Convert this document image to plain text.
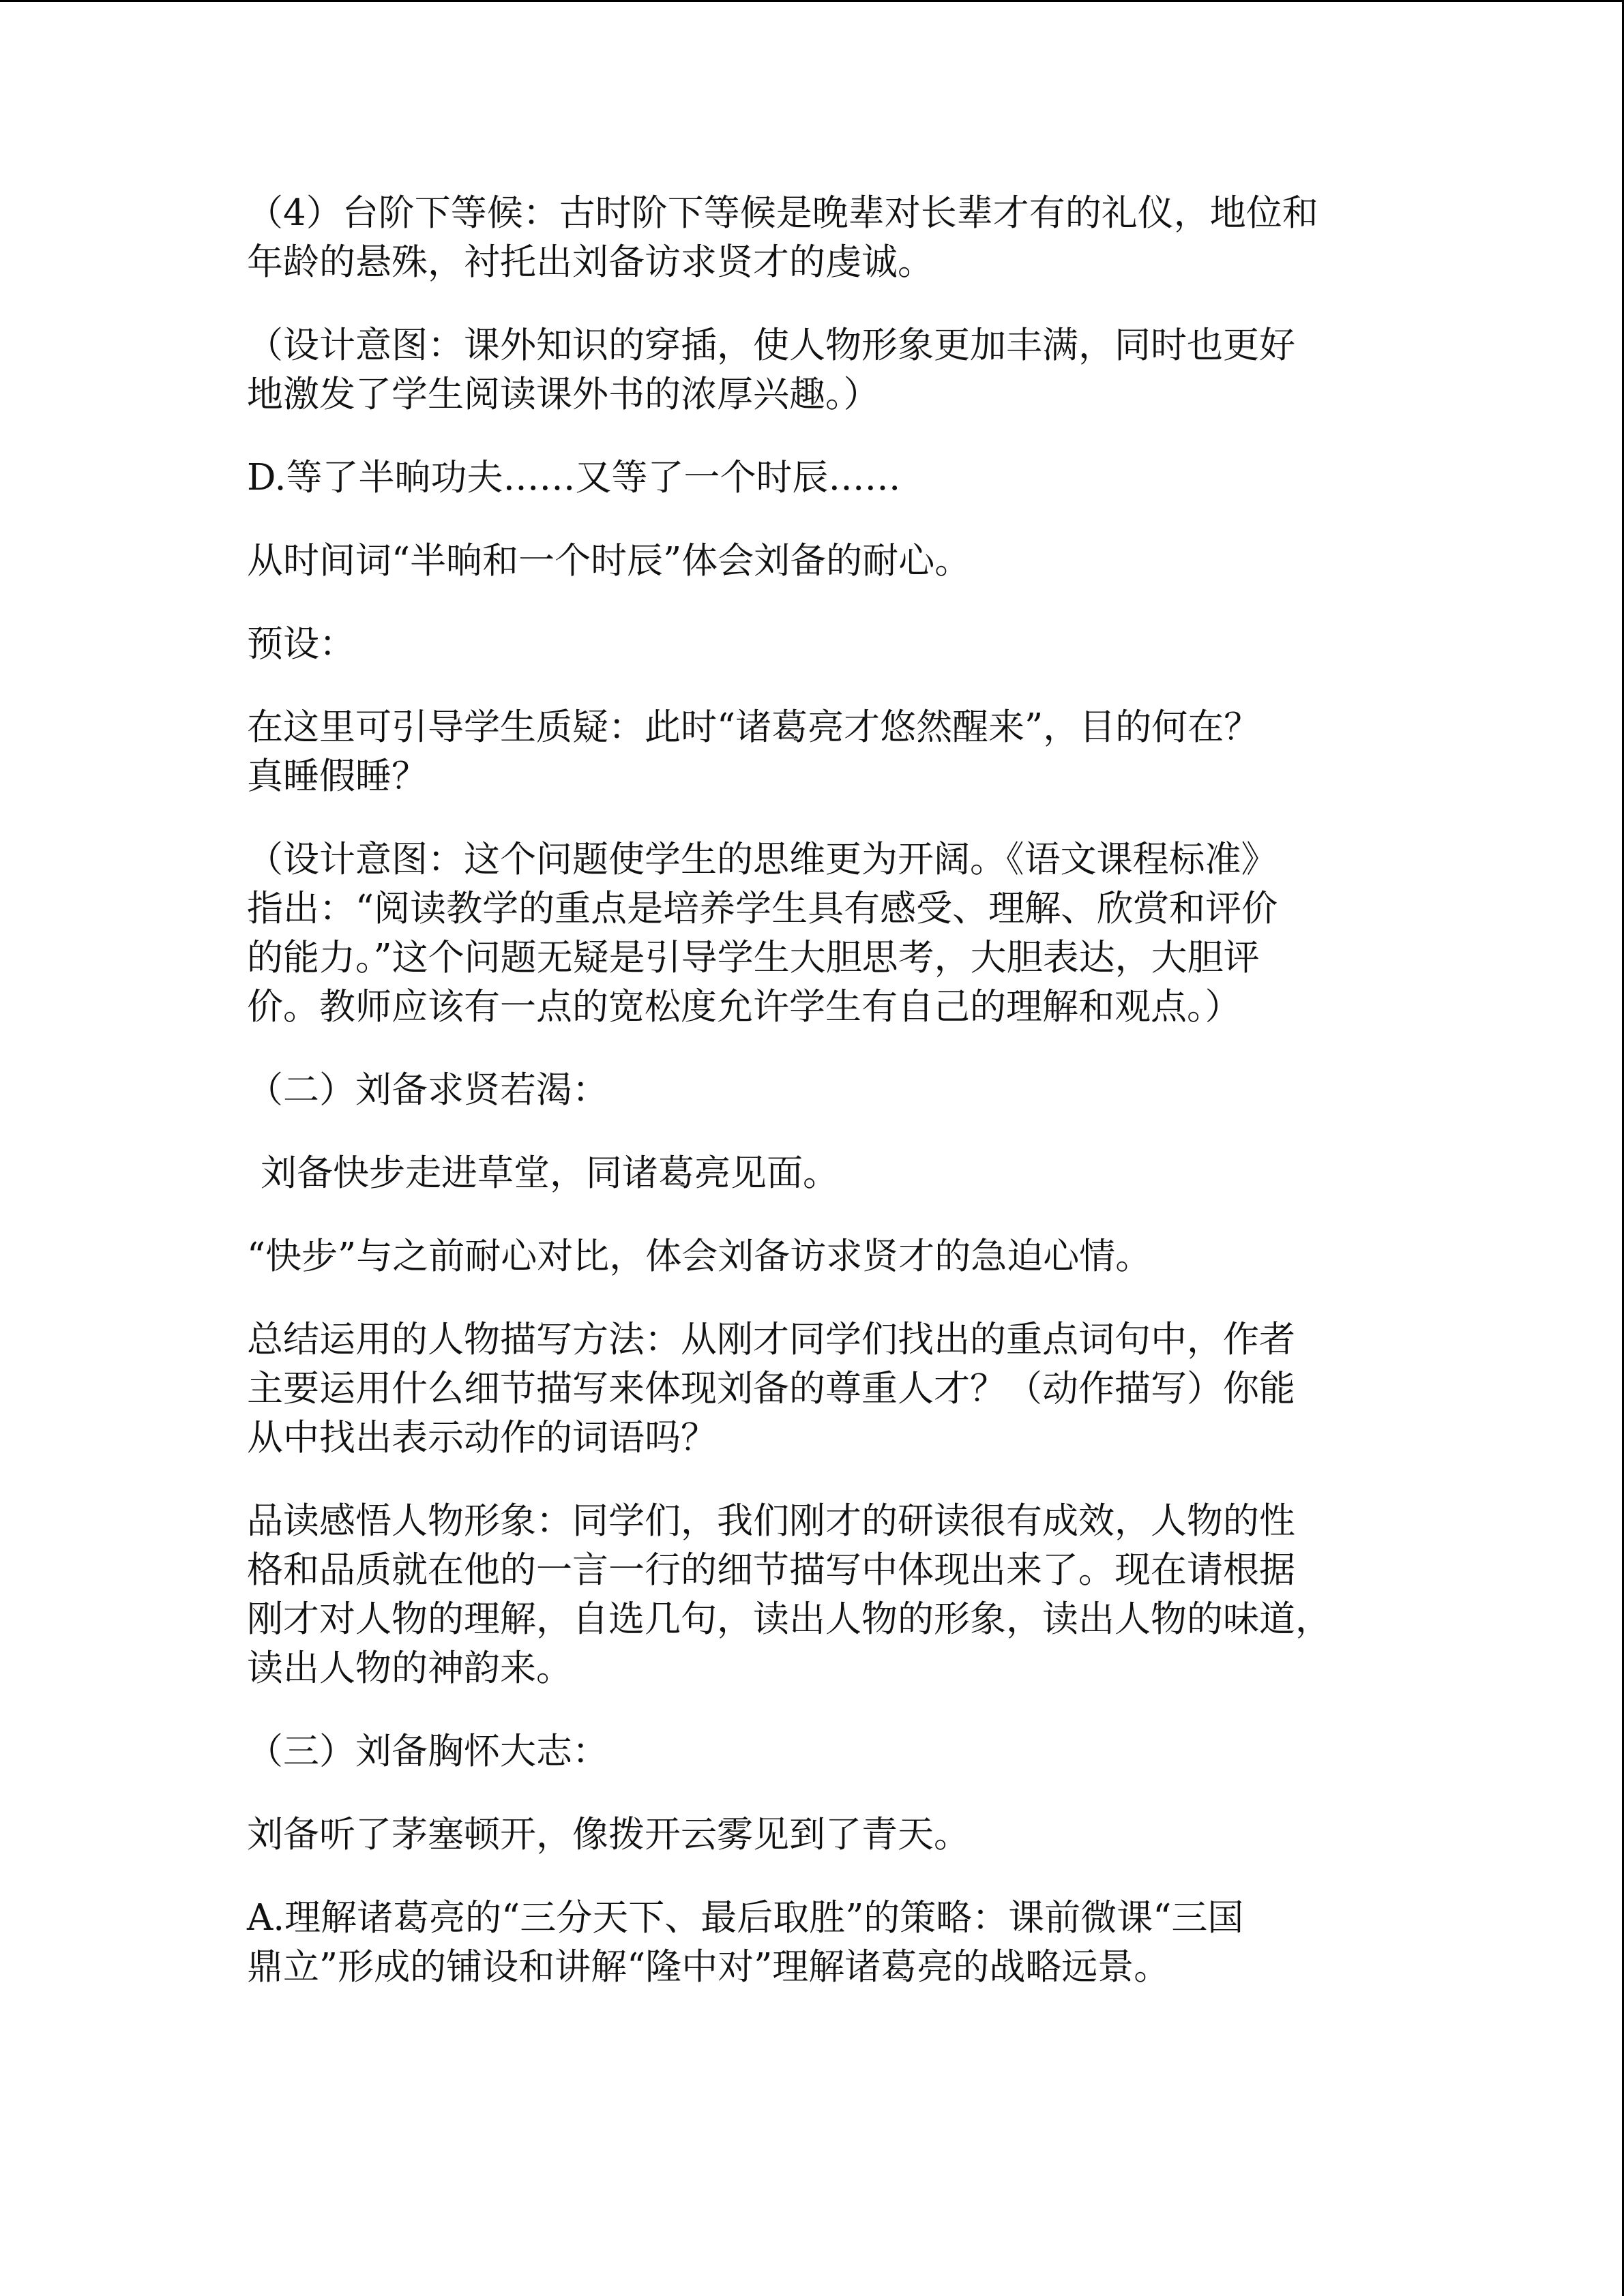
（4）台阶下等候：古时阶下等候是晚辈对长辈才有的礼仪，地位和
年龄的悬殊，衬托出刘备访求贤才的虔诚。

（设计意图：课外知识的穿插，使人物形象更加丰满，同时也更好
地激发了学生阅读课外书的浓厚兴趣。）

D.等了半晌功夫……又等了一个时辰……

从时间词“半晌和一个时辰”体会刘备的耐心。

预设：

在这里可引导学生质疑：此时“诸葛亮才悠然醒来”，目的何在？
真睡假睡？

（设计意图：这个问题使学生的思维更为开阔。《语文课程标准》
指出：“阅读教学的重点是培养学生具有感受、理解、欣赏和评价
的能力。”这个问题无疑是引导学生大胆思考，大胆表达，大胆评
价。教师应该有一点的宽松度允许学生有自己的理解和观点。）

（二）刘备求贤若渴：

刘备快步走进草堂，同诸葛亮见面。

“快步”与之前耐心对比，体会刘备访求贤才的急迫心情。

总结运用的人物描写方法：从刚才同学们找出的重点词句中，作者
主要运用什么细节描写来体现刘备的尊重人才？（动作描写）你能
从中找出表示动作的词语吗？

品读感悟人物形象：同学们，我们刚才的研读很有成效，人物的性
格和品质就在他的一言一行的细节描写中体现出来了。现在请根据
刚才对人物的理解，自选几句，读出人物的形象，读出人物的味道，
读出人物的神韵来。

（三）刘备胸怀大志：

刘备听了茅塞顿开，像拨开云雾见到了青天。

A.理解诸葛亮的“三分天下、最后取胜”的策略：课前微课“三国
鼎立”形成的铺设和讲解“隆中对”理解诸葛亮的战略远景。
